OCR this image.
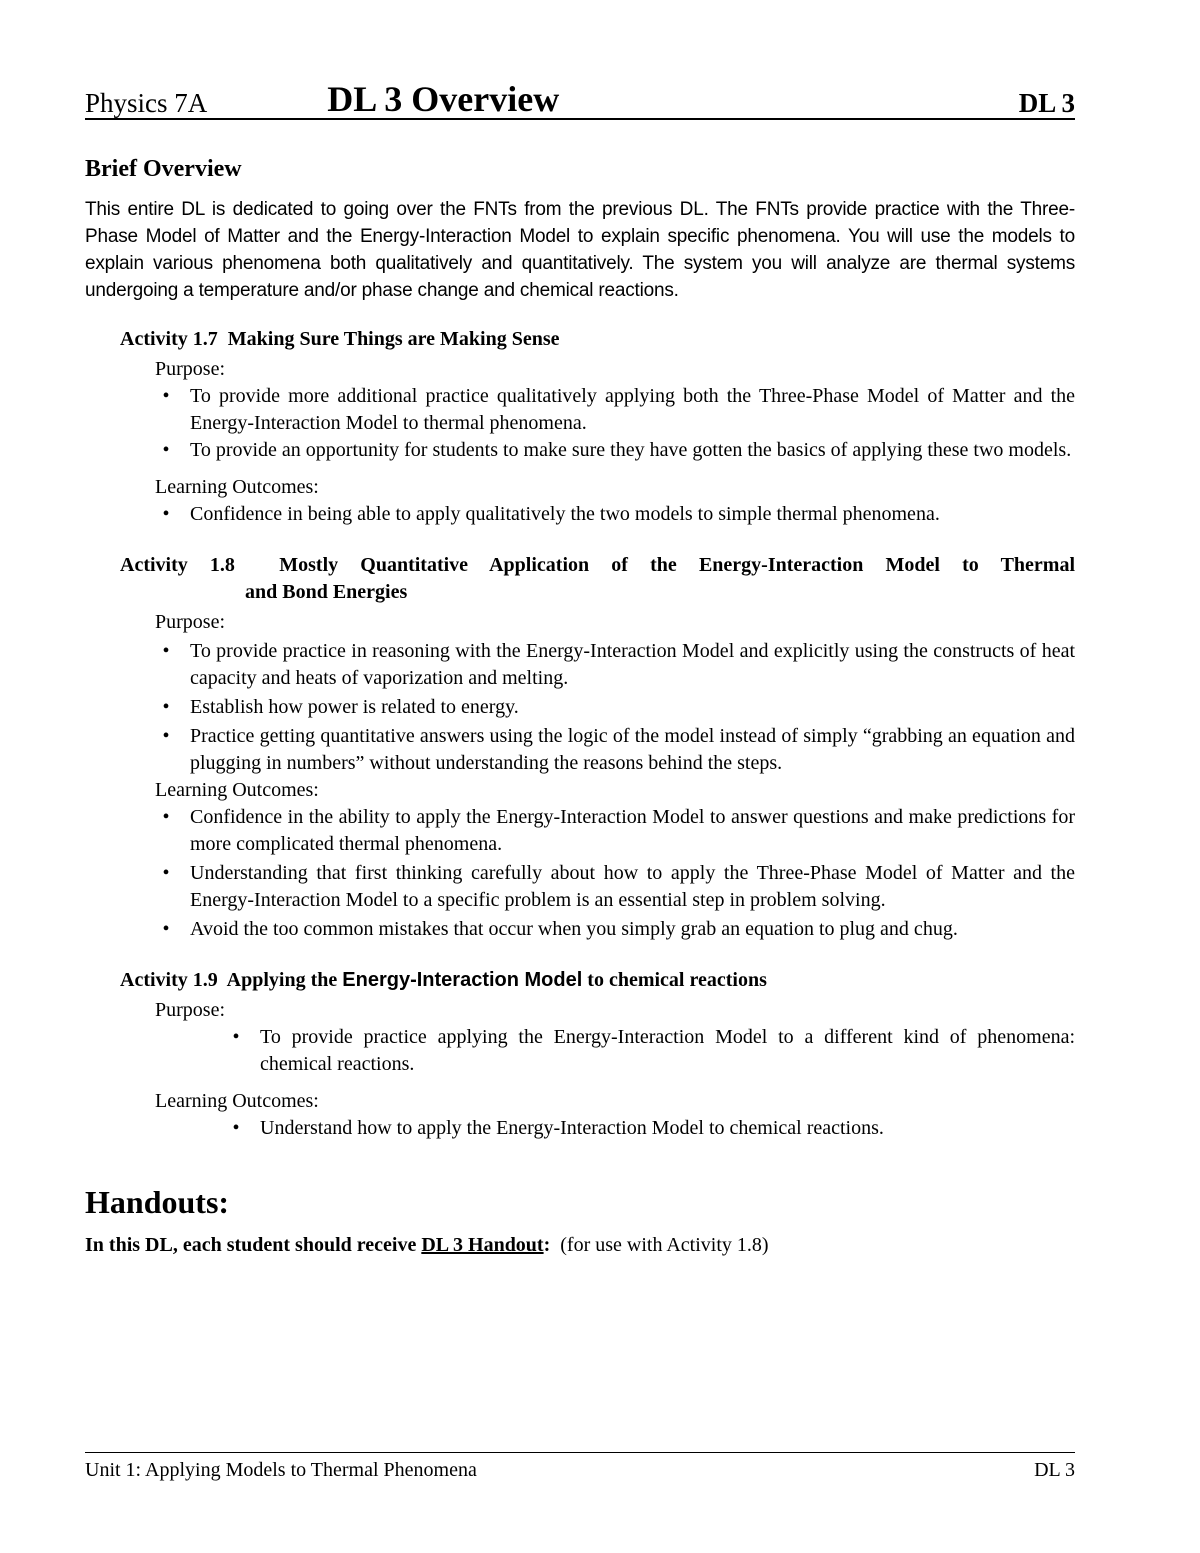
Physics 7A	DL 3 Overview	DL 3
Brief Overview

This entire DL is dedicated to going over the FNTs from the previous DL. The FNTs provide practice with the Three-Phase Model of Matter and the Energy-Interaction Model to explain specific phenomena. You will use the models to explain various phenomena both qualitatively and quantitatively. The system you will analyze are thermal systems undergoing a temperature and/or phase change and chemical reactions.

Activity 1.7 Making Sure Things are Making Sense
Purpose:
•	To provide more additional practice qualitatively applying both the Three-Phase Model of Matter and the Energy-Interaction Model to thermal phenomena.
•	To provide an opportunity for students to make sure they have gotten the basics of applying these two models.
Learning Outcomes:
•	Confidence in being able to apply qualitatively the two models to simple thermal phenomena.
Activity 1.8 Mostly Quantitative Application of the Energy-Interaction Model to Thermal
and Bond Energies
Purpose:
•	To provide practice in reasoning with the Energy-Interaction Model and explicitly using the constructs of heat capacity and heats of vaporization and melting.
•	Establish how power is related to energy.
•	Practice getting quantitative answers using the logic of the model instead of simply “grabbing an equation and plugging in numbers” without understanding the reasons behind the steps.
Learning Outcomes:
•	Confidence in the ability to apply the Energy-Interaction Model to answer questions and make predictions for more complicated thermal phenomena.
•	Understanding that first thinking carefully about how to apply the Three-Phase Model of Matter and the Energy-Interaction Model to a specific problem is an essential step in problem solving.
•	Avoid the too common mistakes that occur when you simply grab an equation to plug and chug.
Activity 1.9 Applying the Energy-Interaction Model to chemical reactions
Purpose:
•	To provide practice applying the Energy-Interaction Model to a different kind of phenomena: chemical reactions.
Learning Outcomes:
•	Understand how to apply the Energy-Interaction Model to chemical reactions.
Handouts:
In this DL, each student should receive DL 3 Handout: (for use with Activity 1.8)
Unit 1: Applying Models to Thermal Phenomena	DL 3
